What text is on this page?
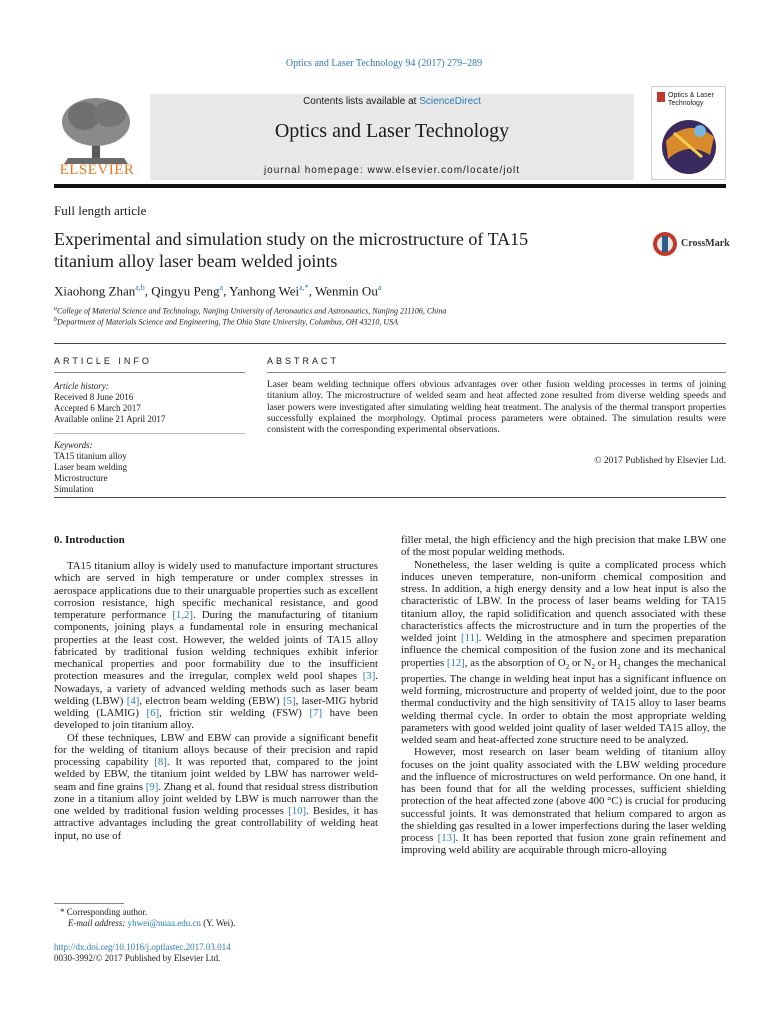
Optics and Laser Technology 94 (2017) 279–289
ELSEVIER
Contents lists available at ScienceDirect
Optics and Laser Technology
journal homepage: www.elsevier.com/locate/jolt
Optics & Laser Technology
Full length article
Experimental and simulation study on the microstructure of TA15
titanium alloy laser beam welded joints
CrossMark
Xiaohong Zhan$^{a,b}$, Qingyu Peng$^a$, Yanhong Wei$^{a,*}$, Wenmin Ou$^a$
$^a$College of Material Science and Technology, Nanjing University of Aeronautics and Astronautics, Nanjing 211106, China
$^b$Department of Materials Science and Engineering, The Ohio State University, Columbus, OH 43210, USA
ARTICLE INFO
Article history:
Received 8 June 2016
Accepted 6 March 2017
Available online 21 April 2017
Keywords:
TA15 titanium alloy
Laser beam welding
Microstructure
Simulation
ABSTRACT
Laser beam welding technique offers obvious advantages over other fusion welding processes in terms of joining titanium alloy. The microstructure of welded seam and heat affected zone resulted from diverse welding speeds and laser powers were investigated after simulating welding heat treatment. The analysis of the thermal transport properties successfully explained the morphology. Optimal process parameters were obtained. The simulation results were consistent with the corresponding experimental observations.
© 2017 Published by Elsevier Ltd.
0. Introduction

TA15 titanium alloy is widely used to manufacture important structures which are served in high temperature or under complex stresses in aerospace applications due to their unarguable properties such as excellent corrosion resistance, high specific mechanical resistance, and good temperature performance [1,2]. During the manufacturing of titanium components, joining plays a fundamental role in ensuring mechanical properties at the least cost. However, the welded joints of TA15 alloy fabricated by traditional fusion welding techniques exhibit inferior mechanical properties and poor formability due to the insufficient protection measures and the irregular, complex weld pool shapes [3]. Nowadays, a variety of advanced welding methods such as laser beam welding (LBW) [4], electron beam welding (EBW) [5], laser-MIG hybrid welding (LAMIG) [6], friction stir welding (FSW) [7] have been developed to join titanium alloy.

Of these techniques, LBW and EBW can provide a significant benefit for the welding of titanium alloys because of their precision and rapid processing capability [8]. It was reported that, compared to the joint welded by EBW, the titanium joint welded by LBW has narrower weld-seam and fine grains [9]. Zhang et al. found that residual stress distribution zone in a titanium alloy joint welded by LBW is much narrower than the one welded by traditional fusion welding processes [10]. Besides, it has attractive advantages including the great controllability of welding heat input, no use of

* Corresponding author.
E-mail address: yhwei@nuaa.edu.cn (Y. Wei).
http://dx.doi.org/10.1016/j.optlastec.2017.03.014
0030-3992/© 2017 Published by Elsevier Ltd.

filler metal, the high efficiency and the high precision that make LBW one of the most popular welding methods.

Nonetheless, the laser welding is quite a complicated process which induces uneven temperature, non-uniform chemical composition and stress. In addition, a high energy density and a low heat input is also the characteristic of LBW. In the process of laser beams welding for TA15 titanium alloy, the rapid solidification and quench associated with these characteristics affects the microstructure and in turn the properties of the welded joint [11]. Welding in the atmosphere and specimen preparation influence the chemical composition of the fusion zone and its mechanical properties [12], as the absorption of $O_2$ or $N_2$ or $H_2$ changes the mechanical properties. The change in welding heat input has a significant influence on weld forming, microstructure and property of welded joint, due to the poor thermal conductivity and the high sensitivity of TA15 alloy to laser beams welding thermal cycle. In order to obtain the most appropriate welding parameters with good welded joint quality of laser welded TA15 alloy, the welded seam and heat-affected zone structure need to be analyzed.

However, most research on laser beam welding of titanium alloy focuses on the joint quality associated with the LBW welding procedure and the influence of microstructures on weld performance. On one hand, it has been found that for all the welding processes, sufficient shielding protection of the heat affected zone (above 400 °C) is crucial for producing successful joints. It was demonstrated that helium compared to argon as the shielding gas resulted in a lower imperfections during the laser welding process [13]. It has been reported that fusion zone grain refinement and improving weld ability are acquirable through micro-alloying
